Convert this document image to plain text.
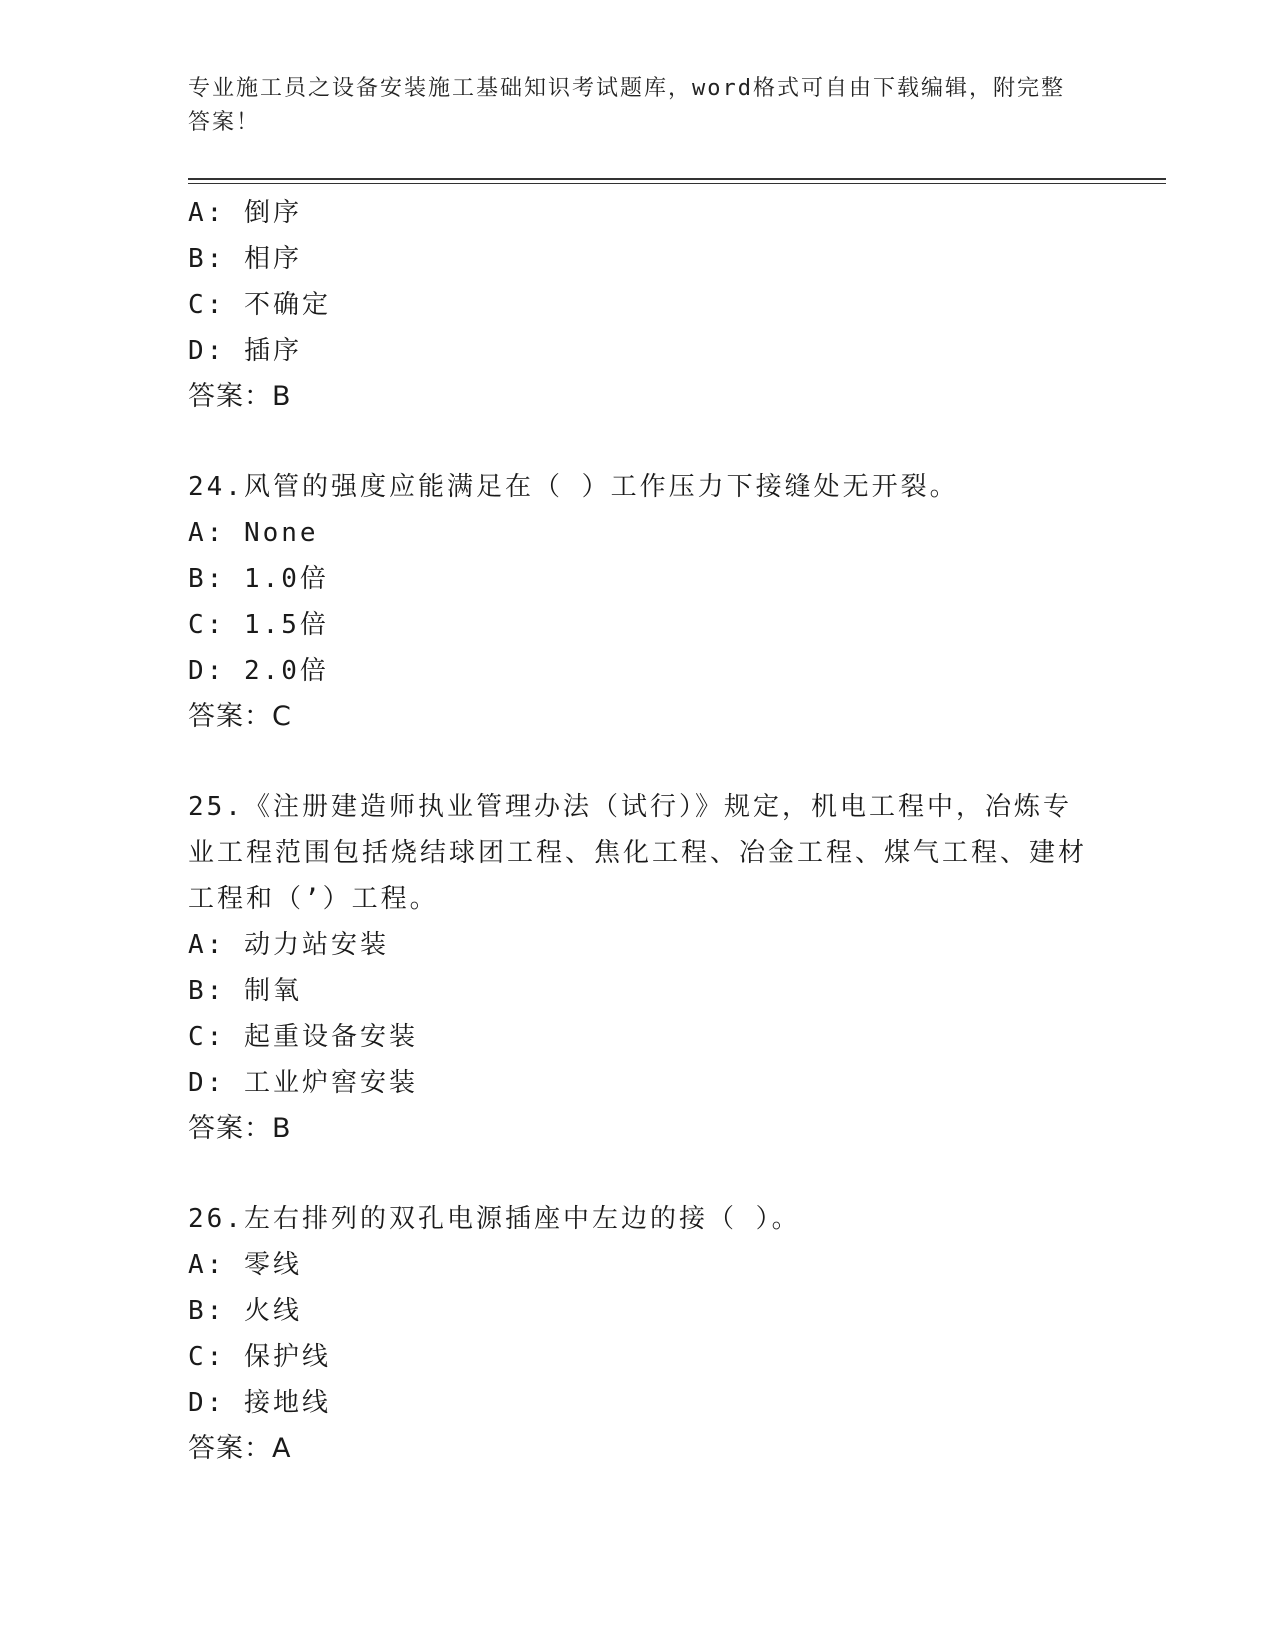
专业施工员之设备安装施工基础知识考试题库，word格式可自由下载编辑，附完整答案！
A: 倒序
B: 相序
C: 不确定
D: 插序
答案：B
24.风管的强度应能满足在（ ）工作压力下接缝处无开裂。
A: None
B: 1.0倍
C: 1.5倍
D: 2.0倍
答案：C
25.《注册建造师执业管理办法（试行）》规定，机电工程中，冶炼专业工程范围包括烧结球团工程、焦化工程、冶金工程、煤气工程、建材工程和（’）工程。
A: 动力站安装
B: 制氧
C: 起重设备安装
D: 工业炉窖安装
答案：B
26.左右排列的双孔电源插座中左边的接（ ）。
A: 零线
B: 火线
C: 保护线
D: 接地线
答案：A
